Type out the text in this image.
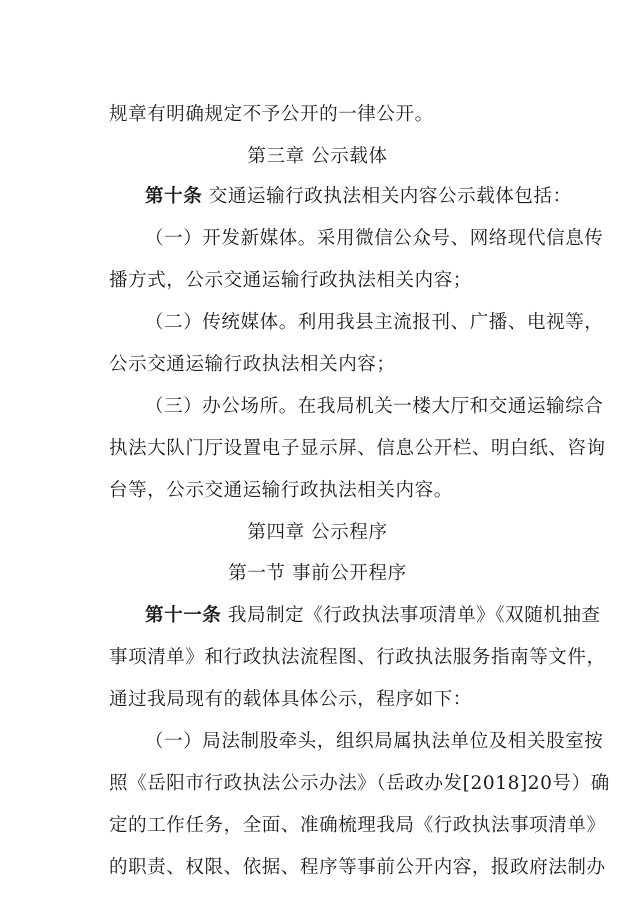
规章有明确规定不予公开的一律公开。
第三章 公示载体
第十条 交通运输行政执法相关内容公示载体包括：
（一）开发新媒体。采用微信公众号、网络现代信息传
播方式，公示交通运输行政执法相关内容；
（二）传统媒体。利用我县主流报刊、广播、电视等，
公示交通运输行政执法相关内容；
（三）办公场所。在我局机关一楼大厅和交通运输综合
执法大队门厅设置电子显示屏、信息公开栏、明白纸、咨询
台等，公示交通运输行政执法相关内容。
第四章 公示程序
第一节 事前公开程序
第十一条 我局制定《行政执法事项清单》《双随机抽查
事项清单》和行政执法流程图、行政执法服务指南等文件，
通过我局现有的载体具体公示，程序如下：
（一）局法制股牵头，组织局属执法单位及相关股室按
照《岳阳市行政执法公示办法》（岳政办发[2018]20号）确
定的工作任务，全面、准确梳理我局《行政执法事项清单》
的职责、权限、依据、程序等事前公开内容，报政府法制办
